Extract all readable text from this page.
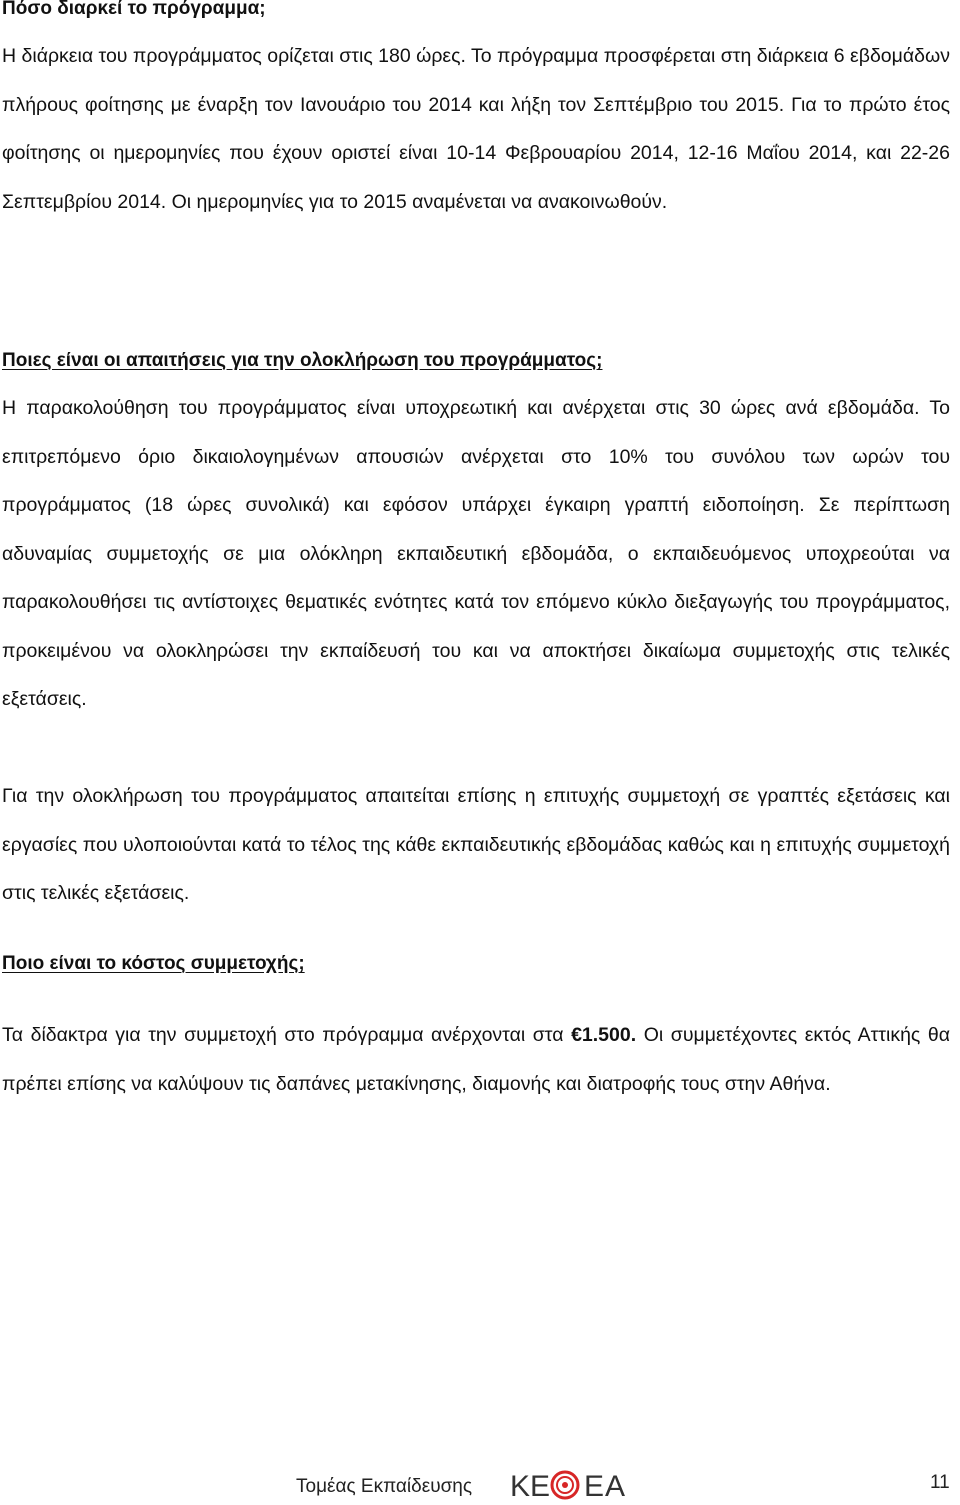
Πόσο διαρκεί το πρόγραμμα;

Η διάρκεια του προγράμματος ορίζεται στις 180 ώρες. Το πρόγραμμα προσφέρεται στη διάρκεια 6 εβδομάδων πλήρους φοίτησης με έναρξη τον Ιανουάριο του 2014 και λήξη τον Σεπτέμβριο του 2015. Για το πρώτο έτος φοίτησης οι ημερομηνίες που έχουν οριστεί είναι 10-14 Φεβρουαρίου 2014, 12-16 Μαΐου 2014, και 22-26 Σεπτεμβρίου 2014. Οι ημερομηνίες για το 2015 αναμένεται να ανακοινωθούν.

Ποιες είναι οι απαιτήσεις για την ολοκλήρωση του προγράμματος;

Η παρακολούθηση του προγράμματος είναι υποχρεωτική και ανέρχεται στις 30 ώρες ανά εβδομάδα. Το επιτρεπόμενο όριο δικαιολογημένων απουσιών ανέρχεται στο 10% του συνόλου των ωρών του προγράμματος (18 ώρες συνολικά) και εφόσον υπάρχει έγκαιρη γραπτή ειδοποίηση. Σε περίπτωση αδυναμίας συμμετοχής σε μια ολόκληρη εκπαιδευτική εβδομάδα, ο εκπαιδευόμενος υποχρεούται να παρακολουθήσει τις αντίστοιχες θεματικές ενότητες κατά τον επόμενο κύκλο διεξαγωγής του προγράμματος, προκειμένου να ολοκληρώσει την εκπαίδευσή του και να αποκτήσει δικαίωμα συμμετοχής στις τελικές εξετάσεις.

Για την ολοκλήρωση του προγράμματος απαιτείται επίσης η επιτυχής συμμετοχή σε γραπτές εξετάσεις και εργασίες που υλοποιούνται κατά το τέλος της κάθε εκπαιδευτικής εβδομάδας καθώς και η επιτυχής συμμετοχή στις τελικές εξετάσεις.

Ποιο είναι το κόστος συμμετοχής;

Τα δίδακτρα για την συμμετοχή στο πρόγραμμα ανέρχονται στα €1.500. Οι συμμετέχοντες εκτός Αττικής θα πρέπει επίσης να καλύψουν τις δαπάνες μετακίνησης, διαμονής και διατροφής τους στην Αθήνα.

Τομέας Εκπαίδευσης K
E E A	11
